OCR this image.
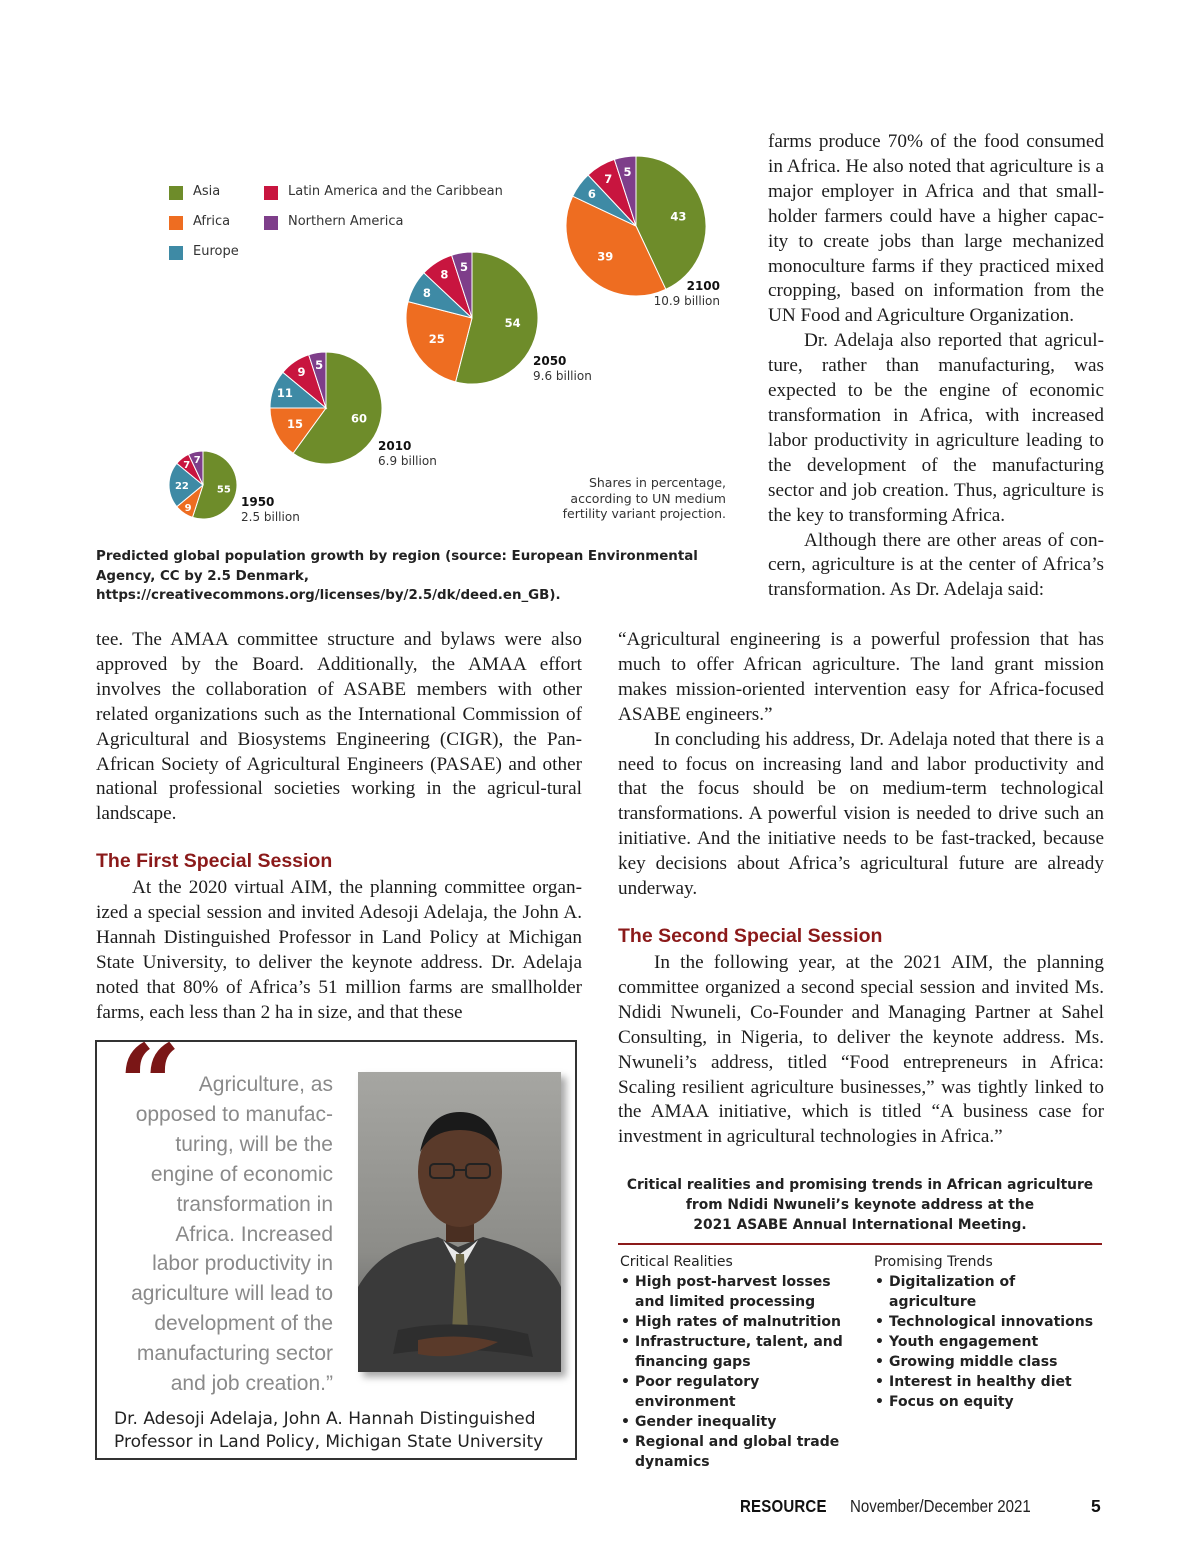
Asia
Africa
Europe
Latin America and the Caribbean
Northern America
55
9
22
7 7
1950
2.5 billion
60
15
11
9
5
2010
6.9 billion
54
25
8
8
5
2050
9.6 billion
43
39
6
7 5
2100
10.9 billion
Shares in percentage,
according to UN medium
fertility variant projection.
Predicted global population growth by region (source: European Environmental Agency, CC by 2.5 Denmark, https://creativecommons.org/licenses/by/2.5/dk/deed.en_GB).

farms produce 70% of the food consumed in Africa. He also noted that agriculture is a major employer in Africa and that small-holder farmers could have a higher capac-ity to create jobs than large mechanized monoculture farms if they practiced mixed cropping, based on information from the UN Food and Agriculture Organization.

Dr. Adelaja also reported that agricul-ture, rather than manufacturing, was expected to be the engine of economic transformation in Africa, with increased labor productivity in agriculture leading to the development of the manufacturing sector and job creation. Thus, agriculture is the key to transforming Africa.

Although there are other areas of con-cern, agriculture is at the center of Africa’s transformation. As Dr. Adelaja said:

tee. The AMAA committee structure and bylaws were also approved by the Board. Additionally, the AMAA effort involves the collaboration of ASABE members with other related organizations such as the International Commission of Agricultural and Biosystems Engineering (CIGR), the Pan-African Society of Agricultural Engineers (PASAE) and other national professional societies working in the agricul-tural landscape.

The First Special Session

At the 2020 virtual AIM, the planning committee organ-ized a special session and invited Adesoji Adelaja, the John A. Hannah Distinguished Professor in Land Policy at Michigan State University, to deliver the keynote address. Dr. Adelaja noted that 80% of Africa’s 51 million farms are smallholder farms, each less than 2 ha in size, and that these

“Agricultural engineering is a powerful profession that has much to offer African agriculture. The land grant mission makes mission-oriented intervention easy for Africa-focused ASABE engineers.”

In concluding his address, Dr. Adelaja noted that there is a need to focus on increasing land and labor productivity and that the focus should be on medium-term technological transformations. A powerful vision is needed to drive such an initiative. And the initiative needs to be fast-tracked, because key decisions about Africa’s agricultural future are already underway.

The Second Special Session

In the following year, at the 2021 AIM, the planning committee organized a second special session and invited Ms. Ndidi Nwuneli, Co-Founder and Managing Partner at Sahel Consulting, in Nigeria, to deliver the keynote address. Ms. Nwuneli’s address, titled “Food entrepreneurs in Africa: Scaling resilient agriculture businesses,” was tightly linked to the AMAA initiative, which is titled “A business case for investment in agricultural technologies in Africa.”

“ Agriculture, as
opposed to manufac-
turing, will be the
engine of economic
transformation in
Africa. Increased
labor productivity in
agriculture will lead to
development of the
manufacturing sector
and job creation.”

Dr. Adesoji Adelaja, John A. Hannah Distinguished
Professor in Land Policy, Michigan State University
Critical realities and promising trends in African agriculture
from Ndidi Nwuneli’s keynote address at the
2021 ASABE Annual International Meeting.
Critical Realities
• High post-harvest losses and limited processing
• High rates of malnutrition
• Infrastructure, talent, and financing gaps
• Poor regulatory environment
• Gender inequality
• Regional and global trade dynamics
Promising Trends
• Digitalization of agriculture
• Technological innovations
• Youth engagement
• Growing middle class
• Interest in healthy diet
• Focus on equity
RESOURCE November/December 2021	5
